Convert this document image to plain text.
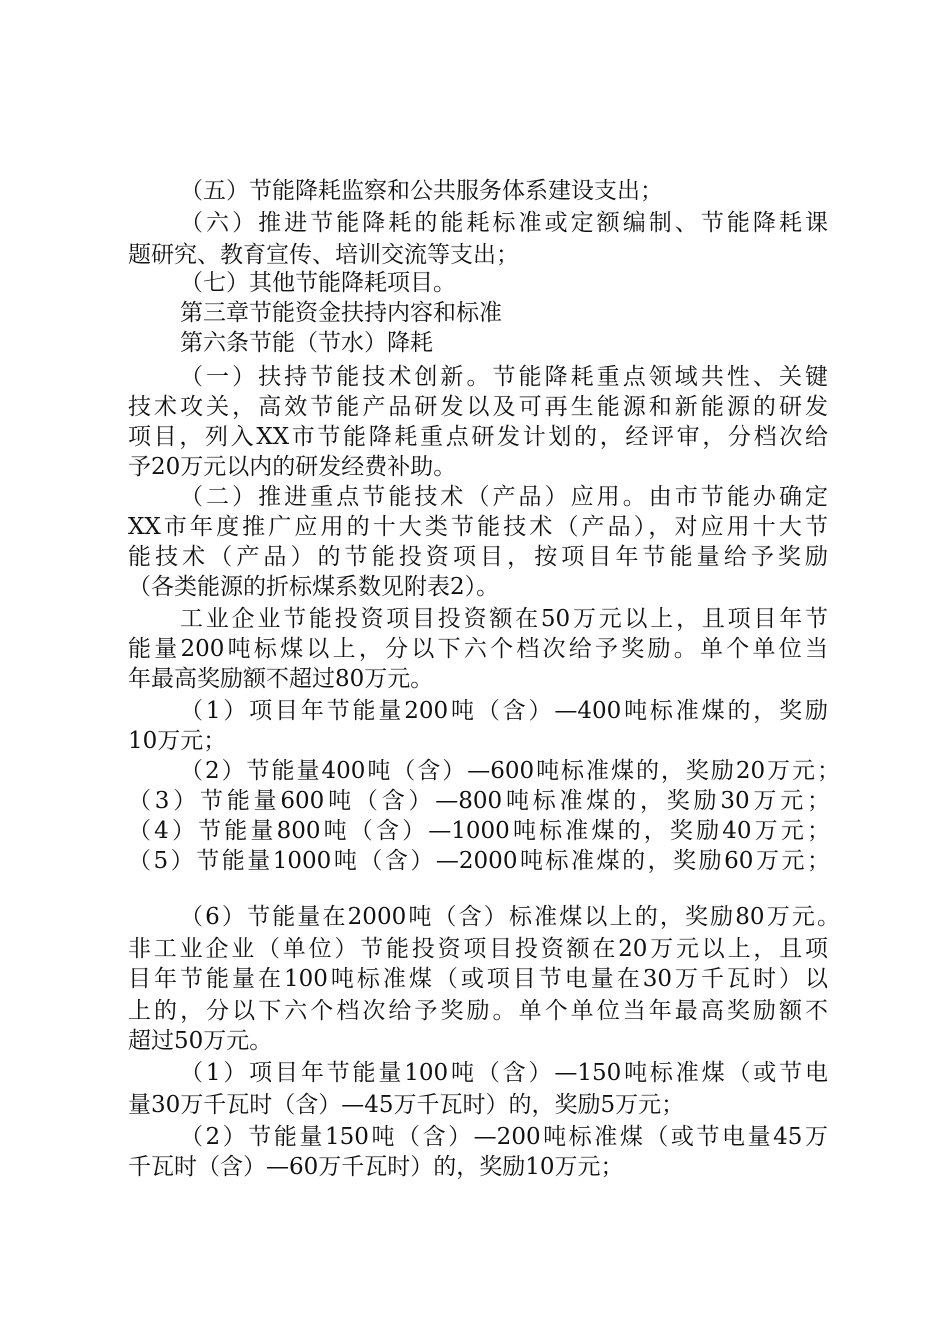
（五）节能降耗监察和公共服务体系建设支出；
（六）推进节能降耗的能耗标准或定额编制、节能降耗课
题研究、教育宣传、培训交流等支出；
（七）其他节能降耗项目。
第三章节能资金扶持内容和标准
第六条节能（节水）降耗
（一）扶持节能技术创新。节能降耗重点领域共性、关键
技术攻关，高效节能产品研发以及可再生能源和新能源的研发
项目，列入XX市节能降耗重点研发计划的，经评审，分档次给
予20万元以内的研发经费补助。
（二）推进重点节能技术（产品）应用。由市节能办确定
XX市年度推广应用的十大类节能技术（产品），对应用十大节
能技术（产品）的节能投资项目，按项目年节能量给予奖励
（各类能源的折标煤系数见附表2）。
工业企业节能投资项目投资额在50万元以上，且项目年节
能量200吨标煤以上，分以下六个档次给予奖励。单个单位当
年最高奖励额不超过80万元。
（1）项目年节能量200吨（含）—400吨标准煤的，奖励
10万元；
（2）节能量400吨（含）—600吨标准煤的，奖励20万元；
（3）节能量600吨（含）—800吨标准煤的，奖励30万元；
（4）节能量800吨（含）—1000吨标准煤的，奖励40万元；
（5）节能量1000吨（含）—2000吨标准煤的，奖励60万元；
（6）节能量在2000吨（含）标准煤以上的，奖励80万元。
非工业企业（单位）节能投资项目投资额在20万元以上，且项
目年节能量在100吨标准煤（或项目节电量在30万千瓦时）以
上的，分以下六个档次给予奖励。单个单位当年最高奖励额不
超过50万元。
（1）项目年节能量100吨（含）—150吨标准煤（或节电
量30万千瓦时（含）—45万千瓦时）的，奖励5万元；
（2）节能量150吨（含）—200吨标准煤（或节电量45万
千瓦时（含）—60万千瓦时）的，奖励10万元；
